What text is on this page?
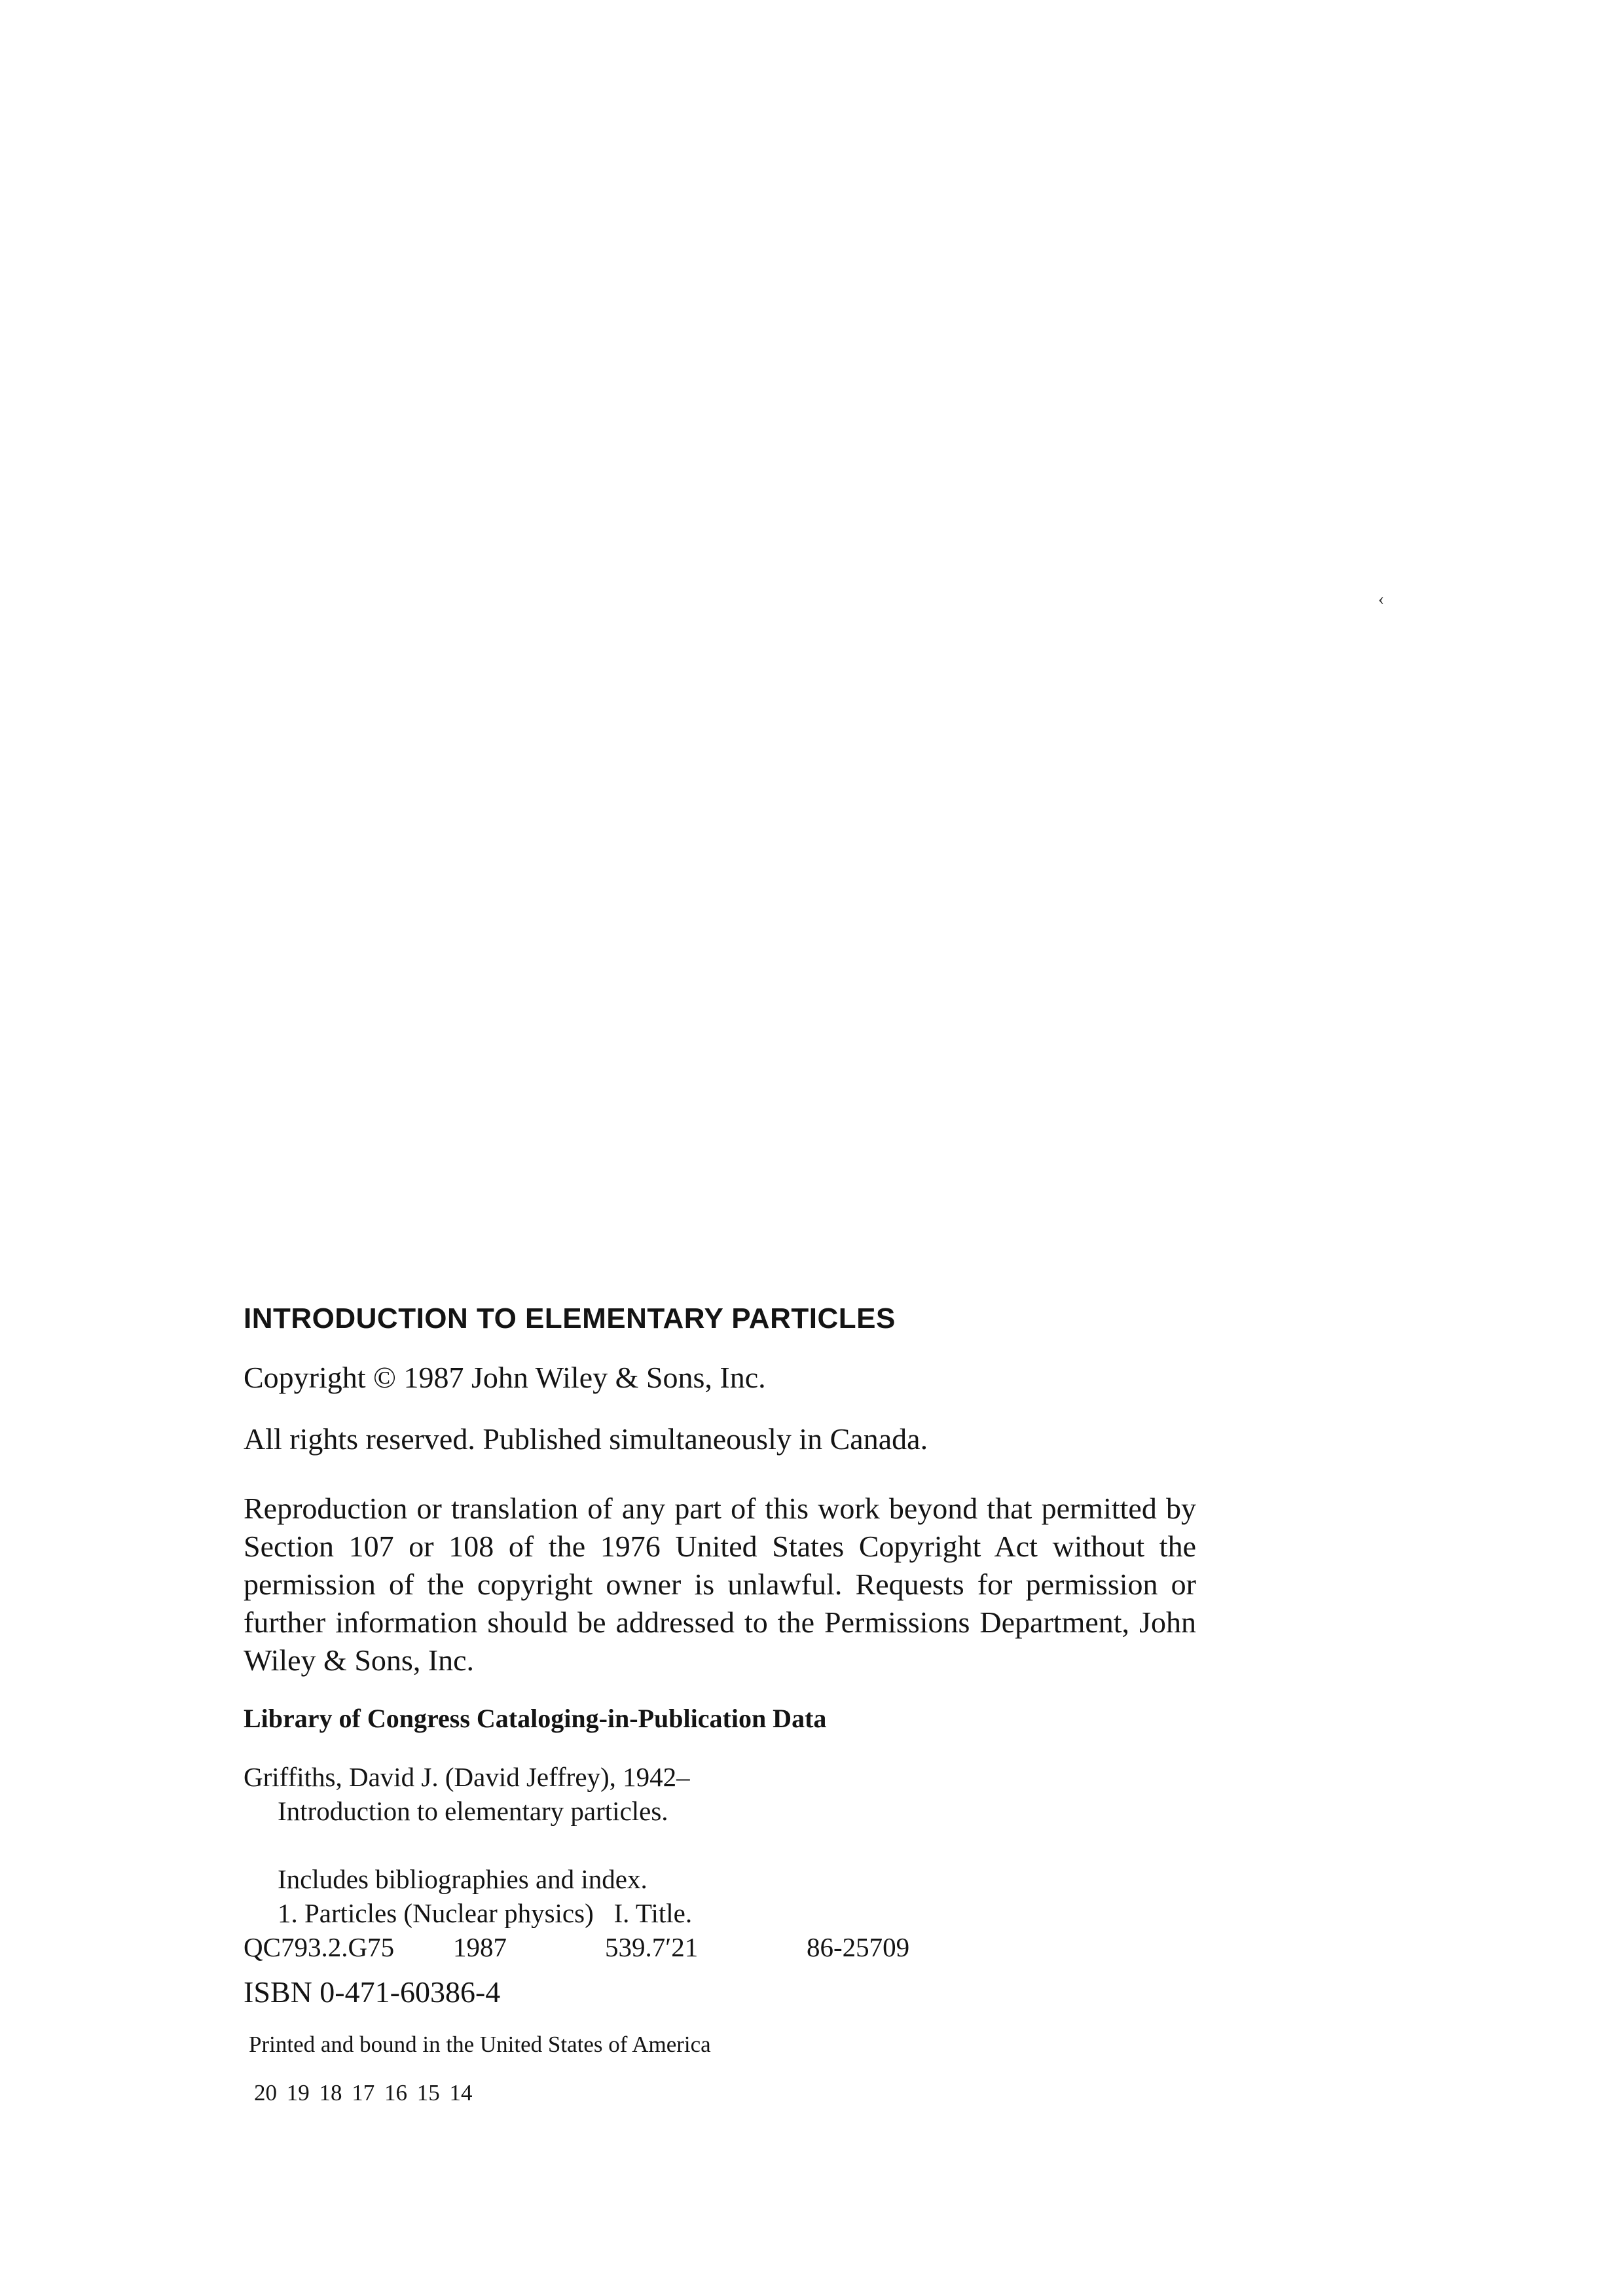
‹
INTRODUCTION TO ELEMENTARY PARTICLES
Copyright © 1987 John Wiley & Sons, Inc.
All rights reserved. Published simultaneously in Canada.
Reproduction or translation of any part of this work beyond that permitted by Section 107 or 108 of the 1976 United States Copyright Act without the permission of the copyright owner is unlawful. Requests for permission or further information should be addressed to the Permissions Department, John Wiley & Sons, Inc.
Library of Congress Cataloging-in-Publication Data
Griffiths, David J. (David Jeffrey), 1942–
Introduction to elementary particles.
Includes bibliographies and index.
1. Particles (Nuclear physics)   I. Title.
QC793.2.G75 1987	539.7′21	86-25709
ISBN 0-471-60386-4
Printed and bound in the United States of America
20 19 18 17 16 15 14
